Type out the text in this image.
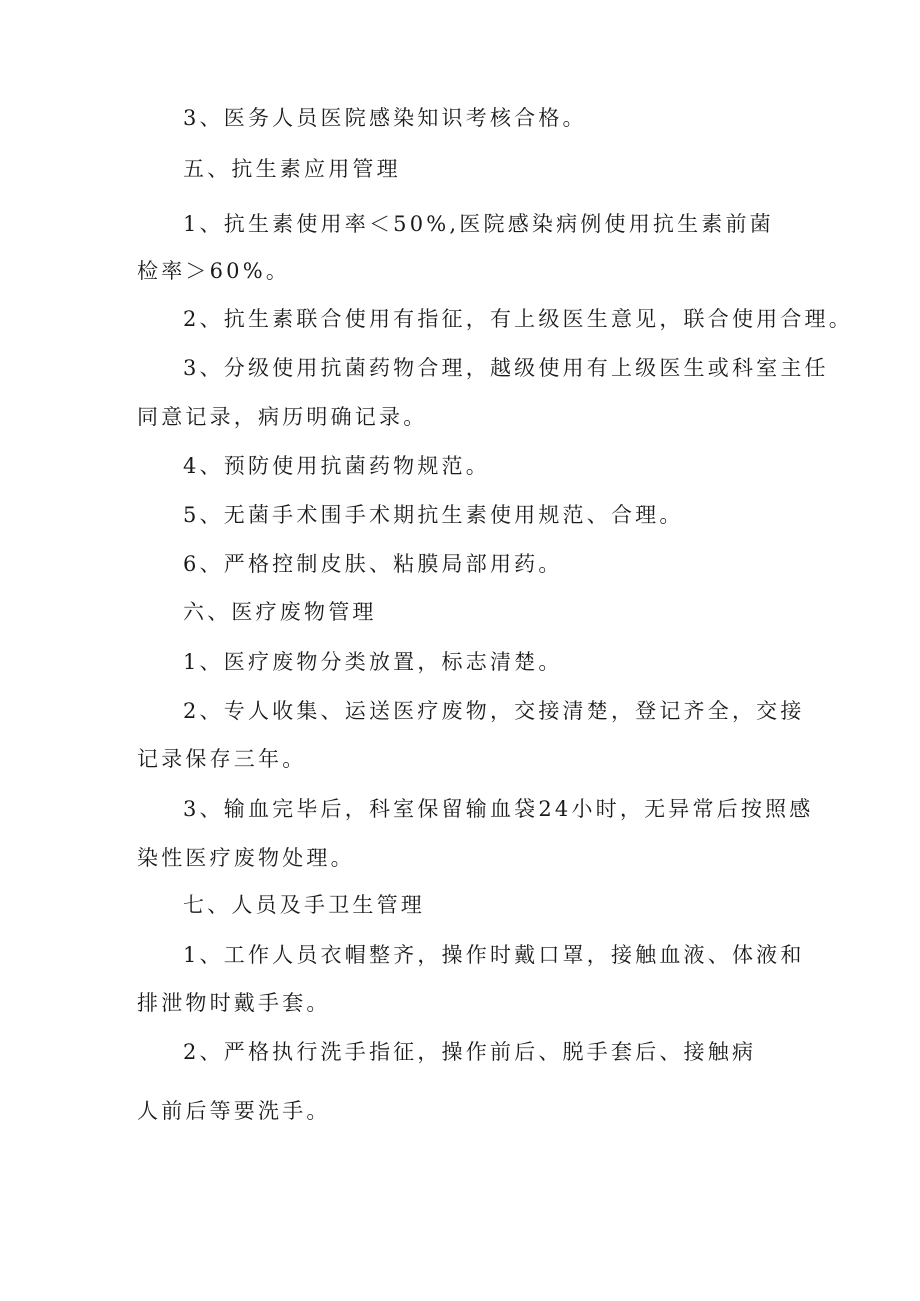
3、医务人员医院感染知识考核合格。
五、抗生素应用管理
1、抗生素使用率＜50%,医院感染病例使用抗生素前菌
检率＞60%。
2、抗生素联合使用有指征，有上级医生意见，联合使用合理。
3、分级使用抗菌药物合理，越级使用有上级医生或科室主任
同意记录，病历明确记录。
4、预防使用抗菌药物规范。
5、无菌手术围手术期抗生素使用规范、合理。
6、严格控制皮肤、粘膜局部用药。
六、医疗废物管理
1、医疗废物分类放置，标志清楚。
2、专人收集、运送医疗废物，交接清楚，登记齐全，交接
记录保存三年。
3、输血完毕后，科室保留输血袋24小时，无异常后按照感
染性医疗废物处理。
七、人员及手卫生管理
1、工作人员衣帽整齐，操作时戴口罩，接触血液、体液和
排泄物时戴手套。
2、严格执行洗手指征，操作前后、脱手套后、接触病
人前后等要洗手。
